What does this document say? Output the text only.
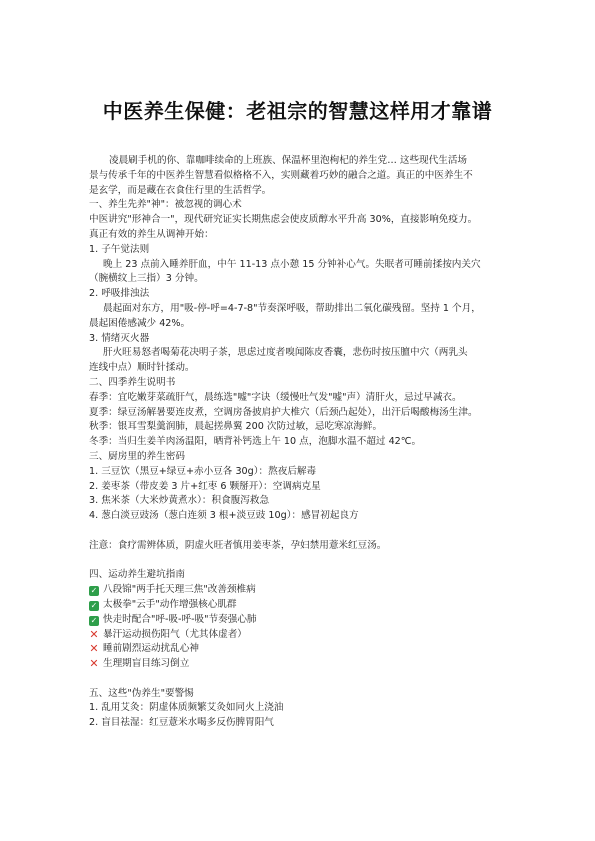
中医养生保健：老祖宗的智慧这样用才靠谱
凌晨刷手机的你、靠咖啡续命的上班族、保温杯里泡枸杞的养生党… 这些现代生活场
景与传承千年的中医养生智慧看似格格不入，实则藏着巧妙的融合之道。真正的中医养生不
是玄学，而是藏在衣食住行里的生活哲学。
一、养生先养"神"：被忽视的调心术
中医讲究"形神合一"，现代研究证实长期焦虑会使皮质醇水平升高 30%，直接影响免疫力。
真正有效的养生从调神开始：
1. 子午觉法则
晚上 23 点前入睡养肝血，中午 11-13 点小憩 15 分钟补心气。失眠者可睡前揉按内关穴
（腕横纹上三指）3 分钟。
2. 呼吸排浊法
晨起面对东方，用"吸-停-呼=4-7-8"节奏深呼吸，帮助排出二氧化碳残留。坚持 1 个月，
晨起困倦感减少 42%。
3. 情绪灭火器
肝火旺易怒者喝菊花决明子茶，思虑过度者嗅闻陈皮香囊，悲伤时按压膻中穴（两乳头
连线中点）顺时针揉动。
二、四季养生说明书
春季：宜吃嫩芽菜疏肝气，晨练选"嘘"字诀（缓慢吐气发"嘘"声）清肝火，忌过早减衣。
夏季：绿豆汤解暑要连皮煮，空调房备披肩护大椎穴（后颈凸起处），出汗后喝酸梅汤生津。
秋季：银耳雪梨羹润肺，晨起搓鼻翼 200 次防过敏，忌吃寒凉海鲜。
冬季：当归生姜羊肉汤温阳，晒背补钙选上午 10 点，泡脚水温不超过 42℃。
三、厨房里的养生密码
1. 三豆饮（黑豆+绿豆+赤小豆各 30g）：熬夜后解毒
2. 姜枣茶（带皮姜 3 片+红枣 6 颗掰开）：空调病克星
3. 焦米茶（大米炒黄煮水）：积食腹泻救急
4. 葱白淡豆豉汤（葱白连须 3 根+淡豆豉 10g）：感冒初起良方
注意：食疗需辨体质，阴虚火旺者慎用姜枣茶，孕妇禁用薏米红豆汤。
四、运动养生避坑指南
✓ 八段锦"两手托天理三焦"改善颈椎病
✓ 太极拳"云手"动作增强核心肌群
✓ 快走时配合"呼-吸-呼-吸"节奏强心肺
✕ 暴汗运动损伤阳气（尤其体虚者）
✕ 睡前剧烈运动扰乱心神
✕ 生理期盲目练习倒立
五、这些"伪养生"要警惕
1. 乱用艾灸：阴虚体质频繁艾灸如同火上浇油
2. 盲目祛湿：红豆薏米水喝多反伤脾胃阳气
